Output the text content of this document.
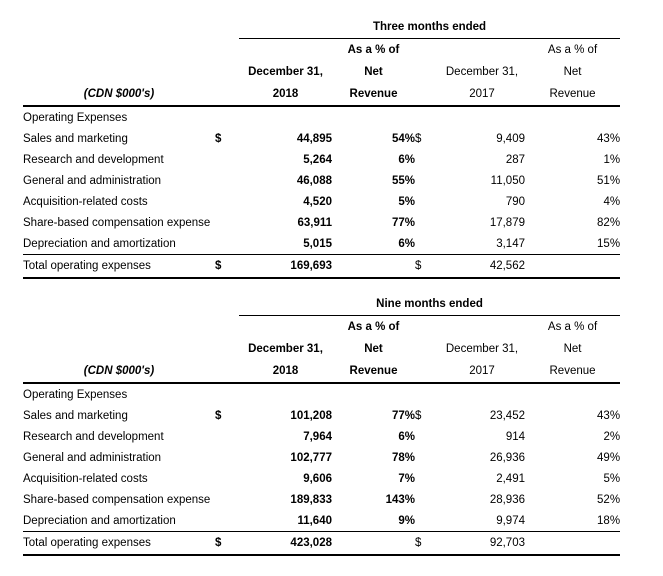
		Three months ended				
			As a % of			As a % of
		December 31,	Net		December 31,	Net
(CDN $000's)		2018	Revenue		2017	Revenue
Operating Expenses						
Sales and marketing	$	44,895	54%	$	9,409	43%
Research and development		5,264	6%		287	1%
General and administration		46,088	55%		11,050	51%
Acquisition-related costs		4,520	5%		790	4%
Share-based compensation expense		63,911	77%		17,879	82%
Depreciation and amortization		5,015	6%		3,147	15%
Total operating expenses	$	169,693		$	42,562	
		Nine months ended				
			As a % of			As a % of
		December 31,	Net		December 31,	Net
(CDN $000's)		2018	Revenue		2017	Revenue
Operating Expenses						
Sales and marketing	$	101,208	77%	$	23,452	43%
Research and development		7,964	6%		914	2%
General and administration		102,777	78%		26,936	49%
Acquisition-related costs		9,606	7%		2,491	5%
Share-based compensation expense		189,833	143%		28,936	52%
Depreciation and amortization		11,640	9%		9,974	18%
Total operating expenses	$	423,028		$	92,703	
